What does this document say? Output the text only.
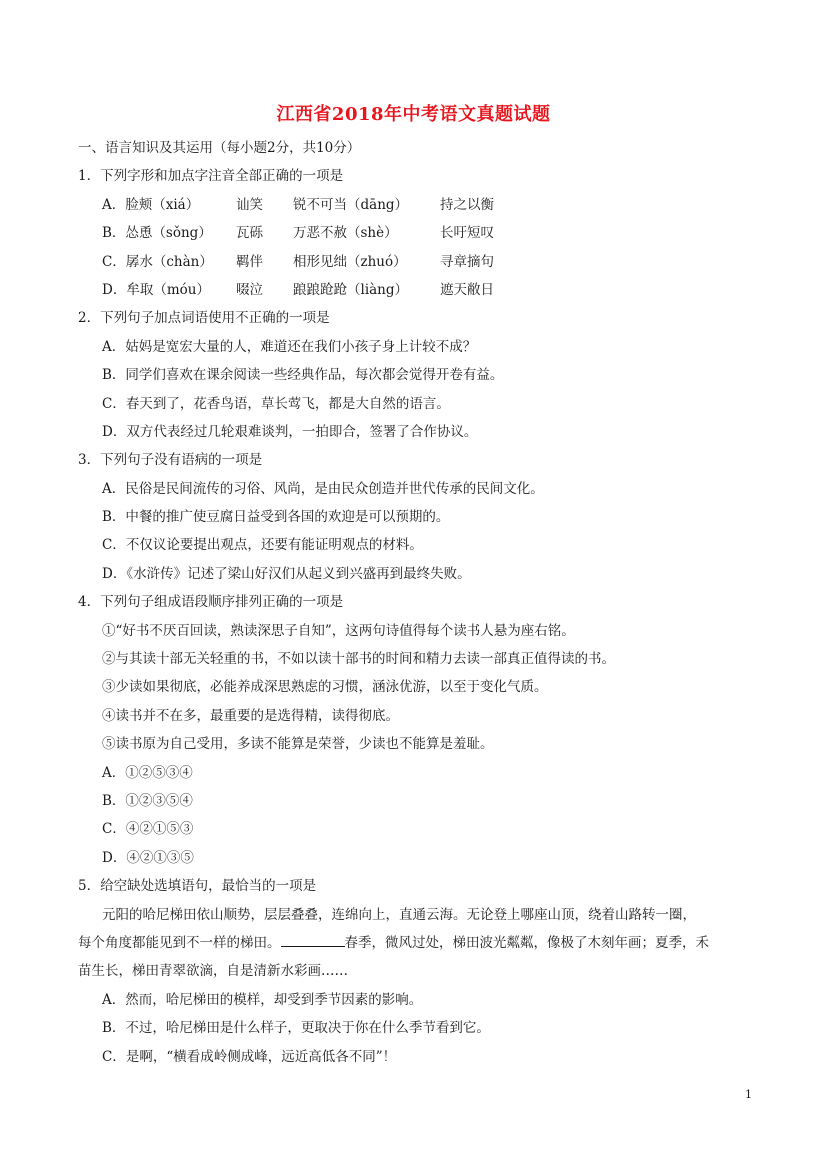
江西省2018年中考语文真题试题
一、语言知识及其运用（每小题2分，共10分）
1．下列字形和加点字注音全部正确的一项是
A．脸颊（xiá）	讪笑	锐不可当（dāng）	持之以衡
B．怂恿（sǒng）	瓦砾	万恶不赦（shè）	长吁短叹
C．孱水（chàn）	羁伴	相形见绌（zhuó）	寻章摘句
D．牟取（móu）	啜泣	踉踉跄跄（liàng）	遮天敝日
2．下列句子加点词语使用不正确的一项是
A．姑妈是宽宏大量的人，难道还在我们小孩子身上计较不成？
B．同学们喜欢在课余阅读一些经典作品，每次都会觉得开卷有益。
C．春天到了，花香鸟语，草长莺飞，都是大自然的语言。
D．双方代表经过几轮艰难谈判，一拍即合，签署了合作协议。
3．下列句子没有语病的一项是
A．民俗是民间流传的习俗、风尚，是由民众创造并世代传承的民间文化。
B．中餐的推广使豆腐日益受到各国的欢迎是可以预期的。
C．不仅议论要提出观点，还要有能证明观点的材料。
D．《水浒传》记述了梁山好汉们从起义到兴盛再到最终失败。
4．下列句子组成语段顺序排列正确的一项是
①“好书不厌百回读，熟读深思子自知”，这两句诗值得每个读书人悬为座右铭。
②与其读十部无关轻重的书，不如以读十部书的时间和精力去读一部真正值得读的书。
③少读如果彻底，必能养成深思熟虑的习惯，涵泳优游，以至于变化气质。
④读书并不在多，最重要的是选得精，读得彻底。
⑤读书原为自己受用，多读不能算是荣誉，少读也不能算是羞耻。
A．①②⑤③④
B．①②③⑤④
C．④②①⑤③
D．④②①③⑤
5．给空缺处选填语句，最恰当的一项是
元阳的哈尼梯田依山顺势，层层叠叠，连绵向上，直通云海。无论登上哪座山顶，绕着山路转一圈，
每个角度都能见到不一样的梯田。	春季，微风过处，梯田波光粼粼，像极了木刻年画；夏季，禾
苗生长，梯田青翠欲滴，自是清新水彩画……
A．然而，哈尼梯田的模样，却受到季节因素的影响。
B．不过，哈尼梯田是什么样子，更取决于你在什么季节看到它。
C．是啊，“横看成岭侧成峰，远近高低各不同”！
1
